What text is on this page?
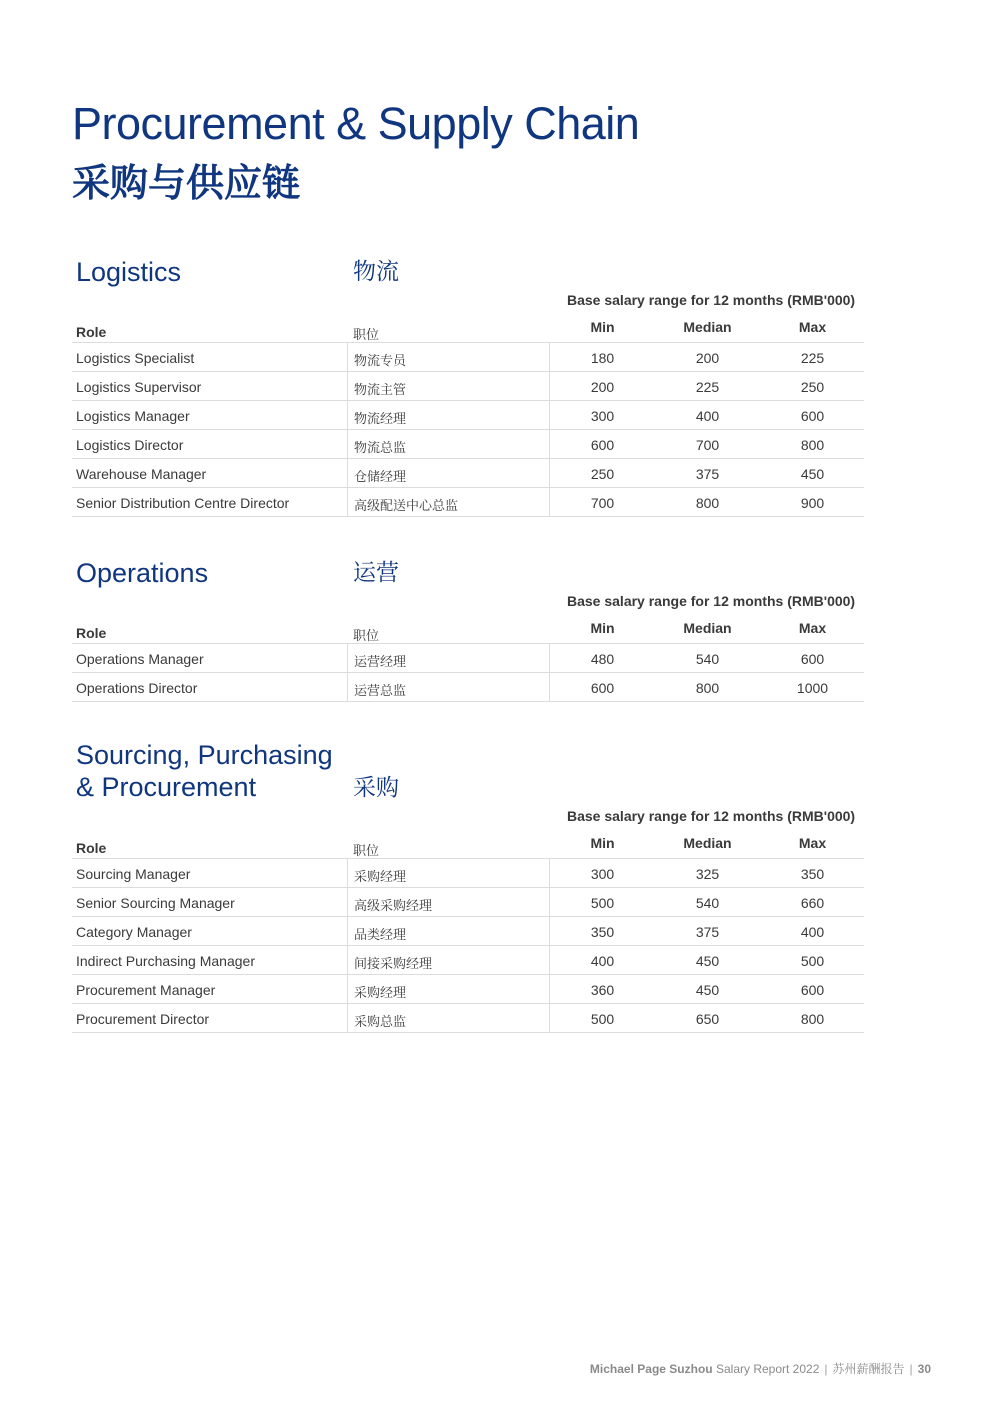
Procurement & Supply Chain
采购与供应链
Logistics	物流
Base salary range for 12 months (RMB'000)
Role	职位
Min	Median	Max
Logistics Specialist	物流专员	180	200	225
Logistics Supervisor	物流主管	200	225	250
Logistics Manager	物流经理	300	400	600
Logistics Director	物流总监	600	700	800
Warehouse Manager	仓储经理	250	375	450
Senior Distribution Centre Director	高级配送中心总监	700	800	900
Operations	运营
Base salary range for 12 months (RMB'000)
Role	职位
Min	Median	Max
Operations Manager	运营经理	480	540	600
Operations Director	运营总监	600	800	1000
Sourcing, Purchasing
& Procurement	采购
Base salary range for 12 months (RMB'000)
Role	职位
Min	Median	Max
Sourcing Manager	采购经理	300	325	350
Senior Sourcing Manager	高级采购经理	500	540	660
Category Manager	品类经理	350	375	400
Indirect Purchasing Manager	间接采购经理	400	450	500
Procurement Manager	采购经理	360	450	600
Procurement Director	采购总监	500	650	800
Michael Page Suzhou Salary Report 2022 | 苏州薪酬报告 | 30
